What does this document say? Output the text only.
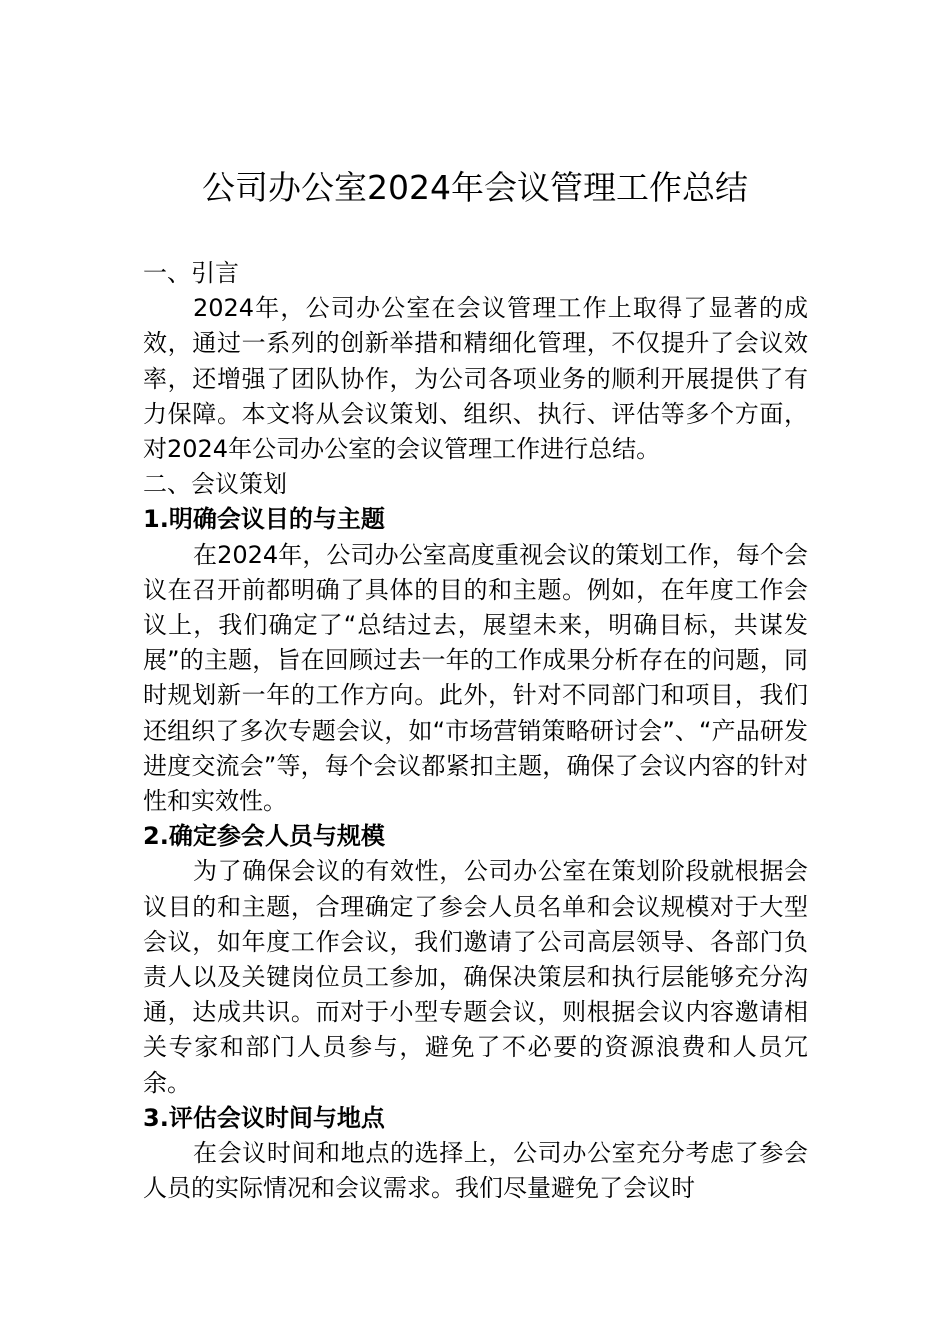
公司办公室2024年会议管理工作总结

一、引言

2024年，公司办公室在会议管理工作上取得了显著的成效，通过一系列的创新举措和精细化管理，不仅提升了会议效率，还增强了团队协作，为公司各项业务的顺利开展提供了有力保障。本文将从会议策划、组织、执行、评估等多个方面，对2024年公司办公室的会议管理工作进行总结。

二、会议策划

1.明确会议目的与主题

在2024年，公司办公室高度重视会议的策划工作，每个会议在召开前都明确了具体的目的和主题。例如，在年度工作会议上，我们确定了“总结过去，展望未来，明确目标，共谋发展”的主题，旨在回顾过去一年的工作成果分析存在的问题，同时规划新一年的工作方向。此外，针对不同部门和项目，我们还组织了多次专题会议，如“市场营销策略研讨会”、“产品研发进度交流会”等，每个会议都紧扣主题，确保了会议内容的针对性和实效性。

2.确定参会人员与规模

为了确保会议的有效性，公司办公室在策划阶段就根据会议目的和主题，合理确定了参会人员名单和会议规模对于大型会议，如年度工作会议，我们邀请了公司高层领导、各部门负责人以及关键岗位员工参加，确保决策层和执行层能够充分沟通，达成共识。而对于小型专题会议，则根据会议内容邀请相关专家和部门人员参与，避免了不必要的资源浪费和人员冗余。

3.评估会议时间与地点

在会议时间和地点的选择上，公司办公室充分考虑了参会人员的实际情况和会议需求。我们尽量避免了会议时
